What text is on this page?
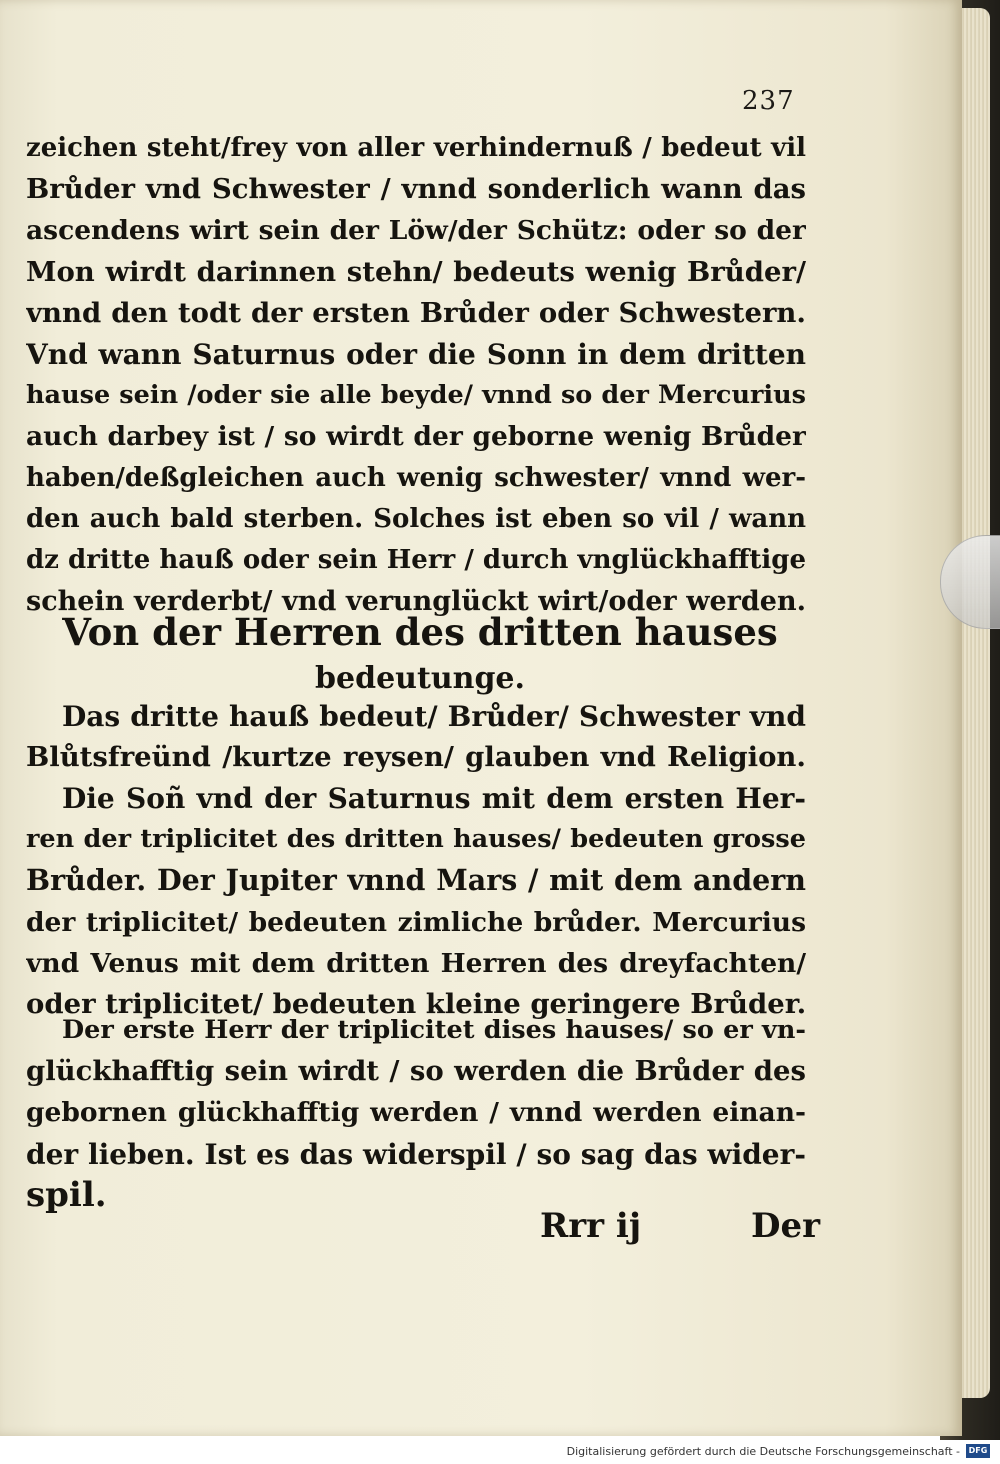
237
zeichen steht/frey von aller verhindernuß / bedeut vil
Brůder vnd Schwester / vnnd sonderlich wann das
ascendens wirt sein der Löw/der Schütz: oder so der
Mon wirdt darinnen stehn/ bedeuts wenig Brůder/
vnnd den todt der ersten Brůder oder Schwestern.
Vnd wann Saturnus oder die Sonn in dem dritten
hause sein /oder sie alle beyde/ vnnd so der Mercurius
auch darbey ist / so wirdt der geborne wenig Brůder
haben/deßgleichen auch wenig schwester/ vnnd wer-
den auch bald sterben. Solches ist eben so vil / wann
dz dritte hauß oder sein Herr / durch vnglückhafftige
schein verderbt/ vnd verunglückt wirt/oder werden.
Von der Herren des dritten hauses
bedeutunge.
Das dritte hauß bedeut/ Brůder/ Schwester vnd
Blůtsfreünd /kurtze reysen/ glauben vnd Religion.
Die Soñ vnd der Saturnus mit dem ersten Her-
ren der triplicitet des dritten hauses/ bedeuten grosse
Brůder. Der Jupiter vnnd Mars / mit dem andern
der triplicitet/ bedeuten zimliche brůder. Mercurius
vnd Venus mit dem dritten Herren des dreyfachten/
oder triplicitet/ bedeuten kleine geringere Brůder.
Der erste Herr der triplicitet dises hauses/ so er vn-
glückhafftig sein wirdt / so werden die Brůder des
gebornen glückhafftig werden / vnnd werden einan-
der lieben. Ist es das widerspil / so sag das wider-
spil.
Rrr ij	Der
Digitalisierung gefördert durch die Deutsche Forschungsgemeinschaft -	DFG
